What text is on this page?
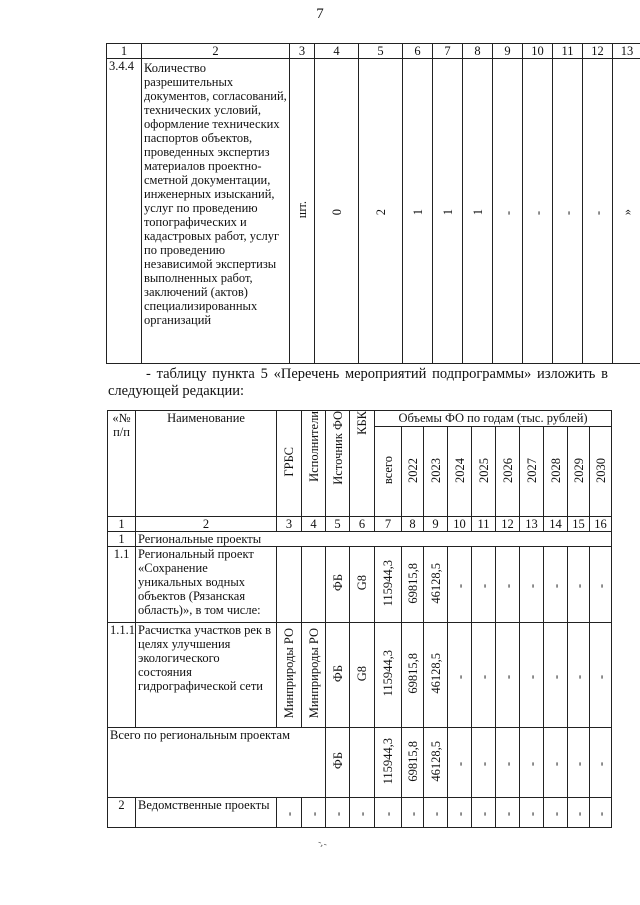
7
1	2	3	4	5	6	7	8	9	10	11	12	13
3.4.4	Количество разрешительных документов, согласований, технических условий, оформление технических паспортов объектов, проведенных экспертиз материалов проектно-сметной документации, инженерных изысканий, услуг по проведению топографических и кадастровых работ, услуг по проведению независимой экспертизы выполненных работ, заключений (актов) специализированных организаций	шт.	0	2	1	1	1	-	-	-	-	»
- таблицу пункта 5 «Перечень мероприятий подпрограммы» изложить в следующей редакции:
«№ п/п	Наименование	ГРБС	Исполнители	Источник ФО	КБК	Объемы ФО по годам (тыс. рублей)									
						всего	2022	2023	2024	2025	2026	2027	2028	2029	2030
1	2	3	4	5	6	7	8	9	10	11	12	13	14	15	16
1	Региональные проекты														
1.1	Региональный проект «Сохранение уникальных водных объектов (Рязанская область)», в том числе:			ФБ	G8	115944,3	69815,8	46128,5	-	-	-	-	-	-	-
1.1.1	Расчистка участков рек в целях улучшения экологического состояния гидрографической сети	Минприроды РО	Минприроды РО	ФБ	G8	115944,3	69815,8	46128,5	-	-	-	-	-	-	-
Всего по региональным проектам				ФБ		115944,3	69815,8	46128,5	-	-	-	-	-	-	-
2	Ведомственные проекты	-	-	-	-	-	-	-	-	-	-	-	-	-	-
-,-
